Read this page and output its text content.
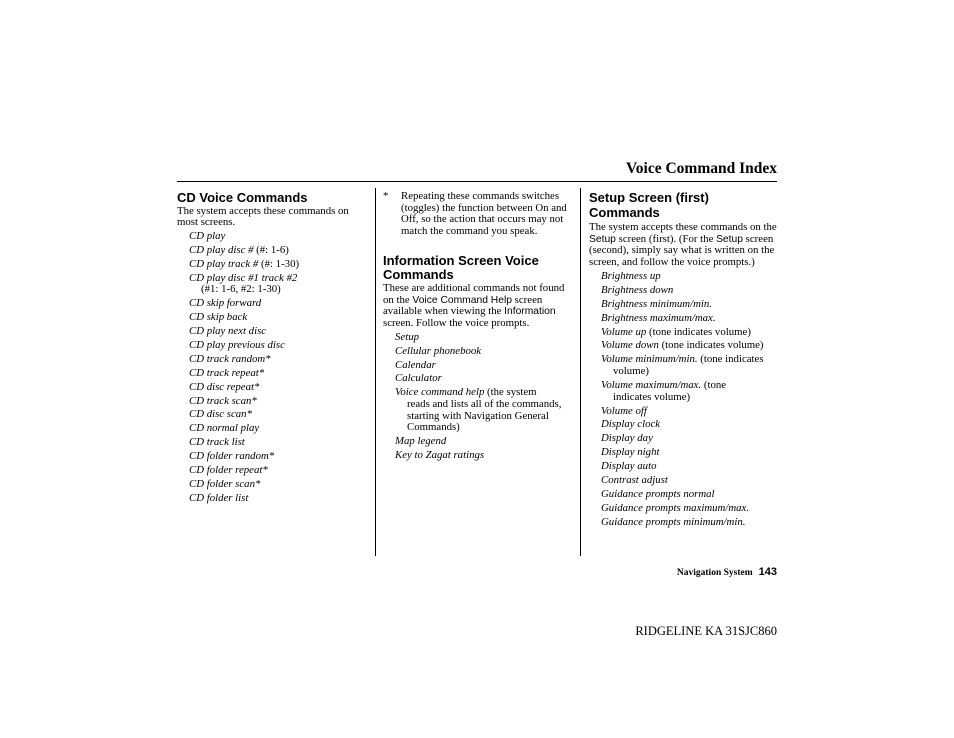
Voice Command Index
CD Voice Commands

The system accepts these commands on most screens.

CD play
CD play disc # (#: 1-6)
CD play track # (#: 1-30)
CD play disc #1 track #2
(#1: 1-6, #2: 1-30)
CD skip forward
CD skip back
CD play next disc
CD play previous disc
CD track random*
CD track repeat*
CD disc repeat*
CD track scan*
CD disc scan*
CD normal play
CD track list
CD folder random*
CD folder repeat*
CD folder scan*
CD folder list
*	Repeating these commands switches (toggles) the function between On and Off, so the action that occurs may not match the command you speak.
Information Screen Voice Commands

These are additional commands not found on the Voice Command Help screen available when viewing the Information screen. Follow the voice prompts.

Setup
Cellular phonebook
Calendar
Calculator
Voice command help (the system
reads and lists all of the commands, starting with Navigation General Commands)
Map legend
Key to Zagat ratings
Setup Screen (first) Commands

The system accepts these commands on the Setup screen (first). (For the Setup screen (second), simply say what is written on the screen, and follow the voice prompts.)

Brightness up
Brightness down
Brightness minimum/min.
Brightness maximum/max.
Volume up (tone indicates volume)
Volume down (tone indicates volume)
Volume minimum/min. (tone indicates
volume)
Volume maximum/max. (tone
indicates volume)
Volume off
Display clock
Display day
Display night
Display auto
Contrast adjust
Guidance prompts normal
Guidance prompts maximum/max.
Guidance prompts minimum/min.
Navigation System 143
RIDGELINE KA 31SJC860
